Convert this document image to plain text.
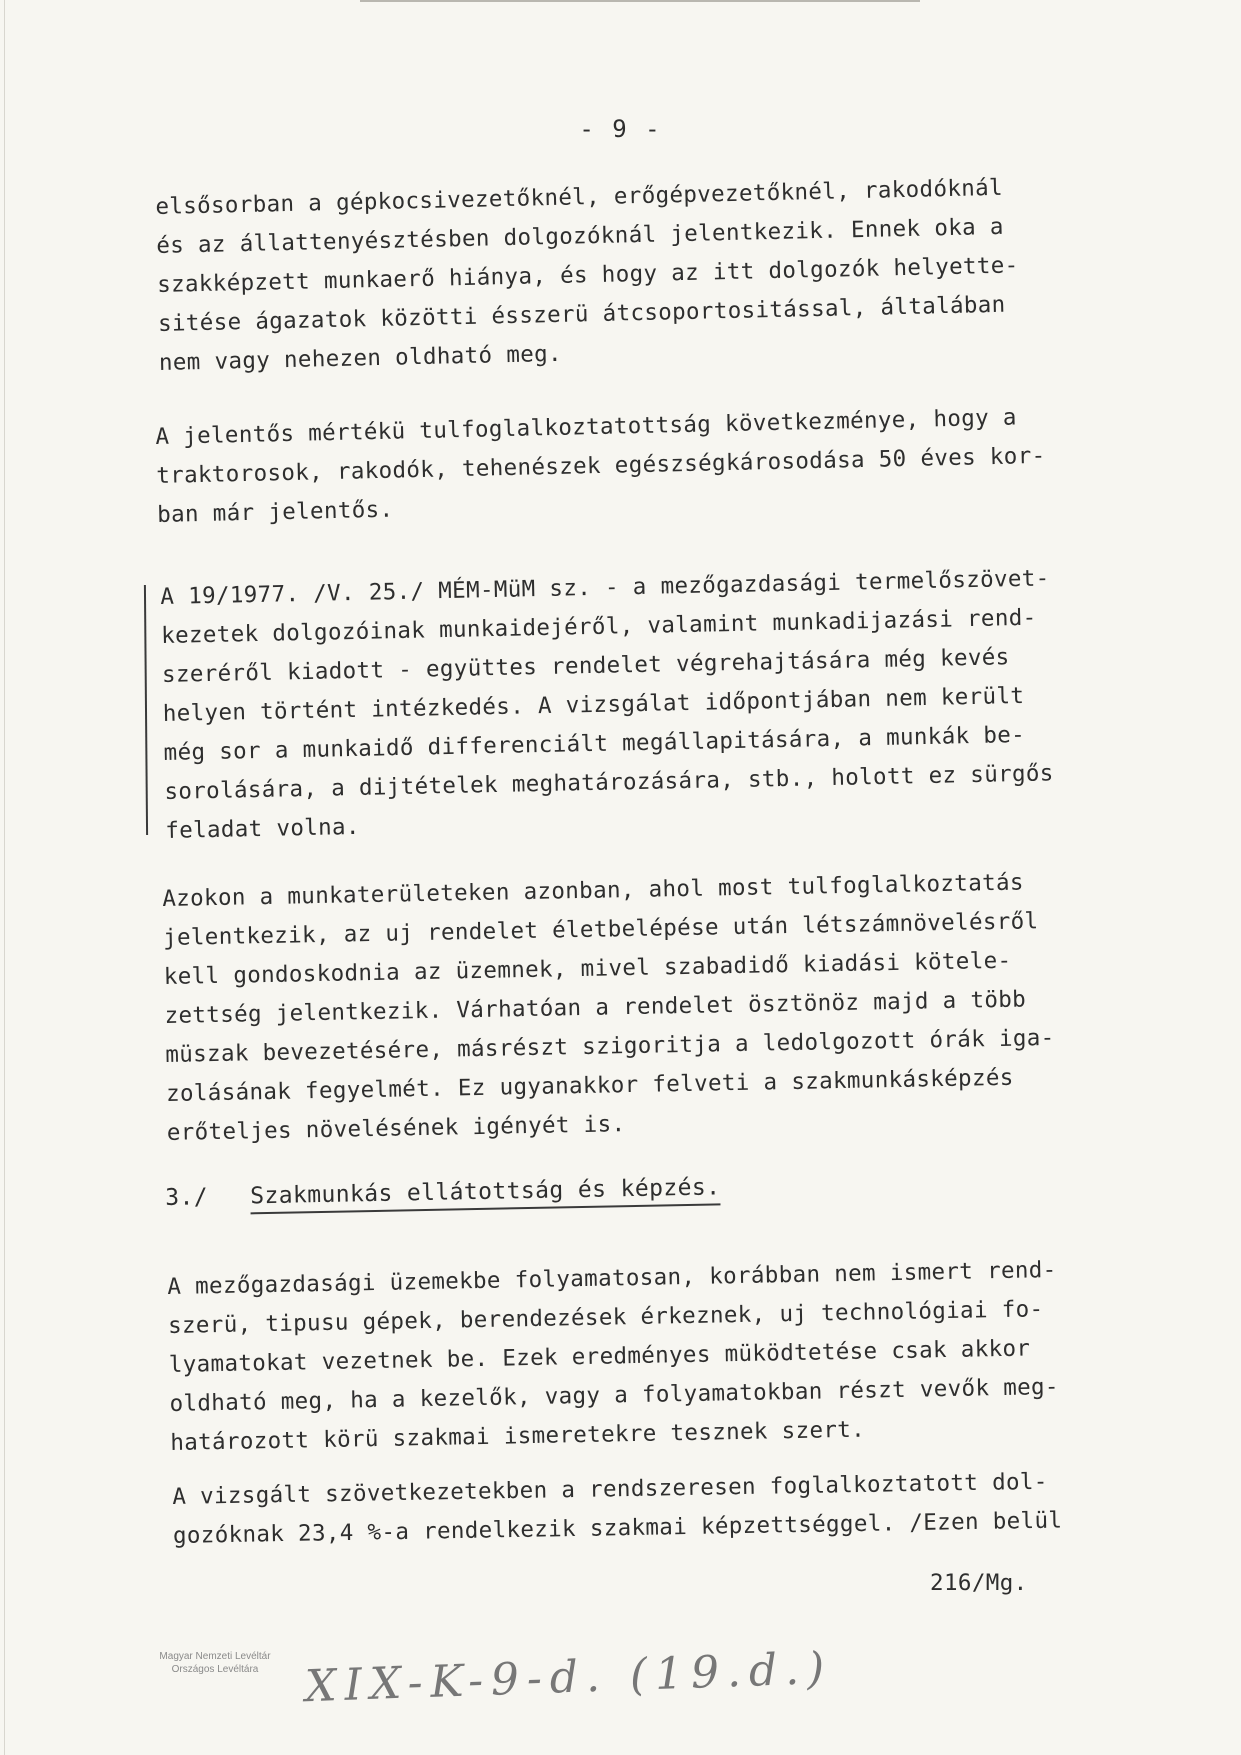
- 9 -
elsősorban a gépkocsivezetőknél, erőgépvezetőknél, rakodóknál
és az állattenyésztésben dolgozóknál jelentkezik. Ennek oka a
szakképzett munkaerő hiánya, és hogy az itt dolgozók helyette-
sitése ágazatok közötti ésszerü átcsoportositással, általában
nem vagy nehezen oldható meg.
A jelentős mértékü tulfoglalkoztatottság következménye, hogy a
traktorosok, rakodók, tehenészek egészségkárosodása 50 éves kor-
ban már jelentős.
A 19/1977. /V. 25./ MÉM-MüM sz. - a mezőgazdasági termelőszövet-
kezetek dolgozóinak munkaidejéről, valamint munkadijazási rend-
szeréről kiadott - együttes rendelet végrehajtására még kevés
helyen történt intézkedés. A vizsgálat időpontjában nem került
még sor a munkaidő differenciált megállapitására, a munkák be-
sorolására, a dijtételek meghatározására, stb., holott ez sürgős
feladat volna.
Azokon a munkaterületeken azonban, ahol most tulfoglalkoztatás
jelentkezik, az uj rendelet életbelépése után létszámnövelésről
kell gondoskodnia az üzemnek, mivel szabadidő kiadási kötele-
zettség jelentkezik. Várhatóan a rendelet ösztönöz majd a több
müszak bevezetésére, másrészt szigoritja a ledolgozott órák iga-
zolásának fegyelmét. Ez ugyanakkor felveti a szakmunkásképzés
erőteljes növelésének igényét is.
3./ Szakmunkás ellátottság és képzés.
A mezőgazdasági üzemekbe folyamatosan, korábban nem ismert rend-
szerü, tipusu gépek, berendezések érkeznek, uj technológiai fo-
lyamatokat vezetnek be. Ezek eredményes müködtetése csak akkor
oldható meg, ha a kezelők, vagy a folyamatokban részt vevők meg-
határozott körü szakmai ismeretekre tesznek szert.
A vizsgált szövetkezetekben a rendszeresen foglalkoztatott dol-
gozóknak 23,4 %-a rendelkezik szakmai képzettséggel. /Ezen belül
216/Mg.
Magyar Nemzeti Levéltár
Országos Levéltára	XIX-K-9-d. (19.d.)
